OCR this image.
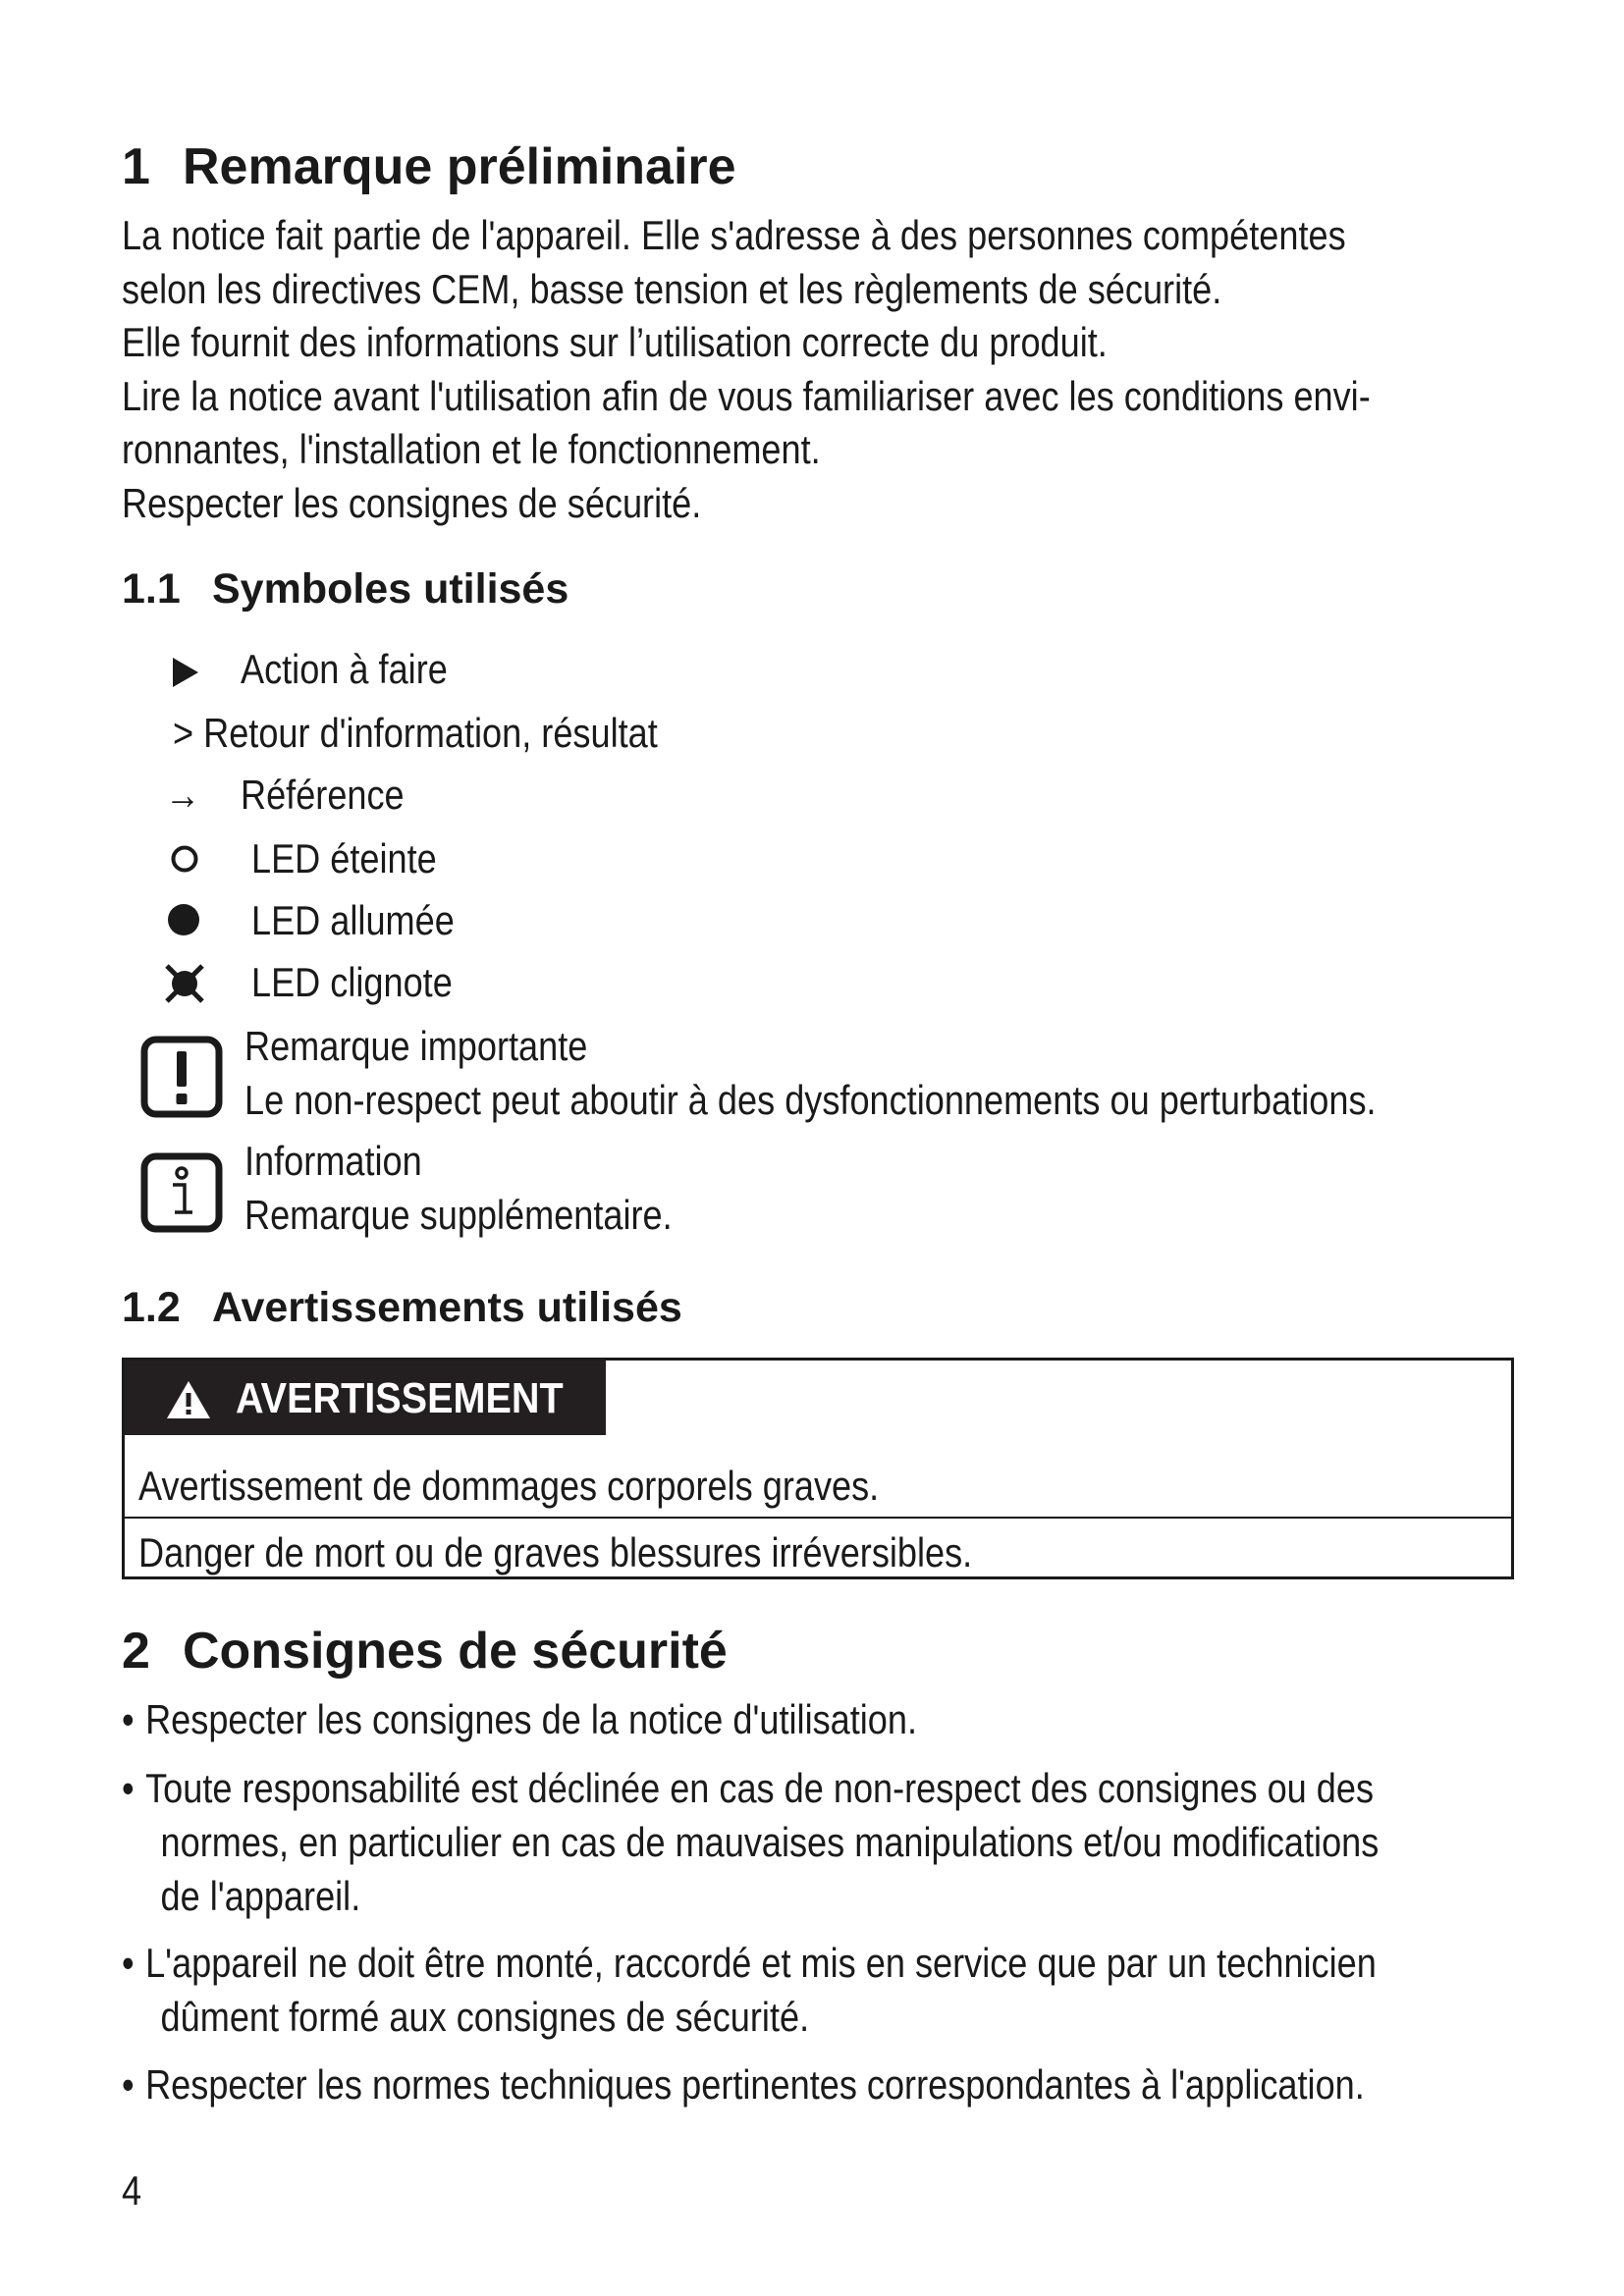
1 Remarque préliminaire
La notice fait partie de l'appareil. Elle s'adresse à des personnes compétentes
selon les directives CEM, basse tension et les règlements de sécurité.
Elle fournit des informations sur l’utilisation correcte du produit.
Lire la notice avant l'utilisation afin de vous familiariser avec les conditions envi-
ronnantes, l'installation et le fonctionnement.
Respecter les consignes de sécurité.
1.1 Symboles utilisés
Action à faire
> Retour d'information, résultat
→ Référence
LED éteinte
LED allumée
LED clignote
Remarque importante
Le non-respect peut aboutir à des dysfonctionnements ou perturbations.
Information
Remarque supplémentaire.
1.2 Avertissements utilisés
AVERTISSEMENT
Avertissement de dommages corporels graves.
Danger de mort ou de graves blessures irréversibles.
2 Consignes de sécurité
• Respecter les consignes de la notice d'utilisation.
• Toute responsabilité est déclinée en cas de non-respect des consignes ou des
normes, en particulier en cas de mauvaises manipulations et/ou modifications
de l'appareil.
• L'appareil ne doit être monté, raccordé et mis en service que par un technicien
dûment formé aux consignes de sécurité.
• Respecter les normes techniques pertinentes correspondantes à l'application.
4
